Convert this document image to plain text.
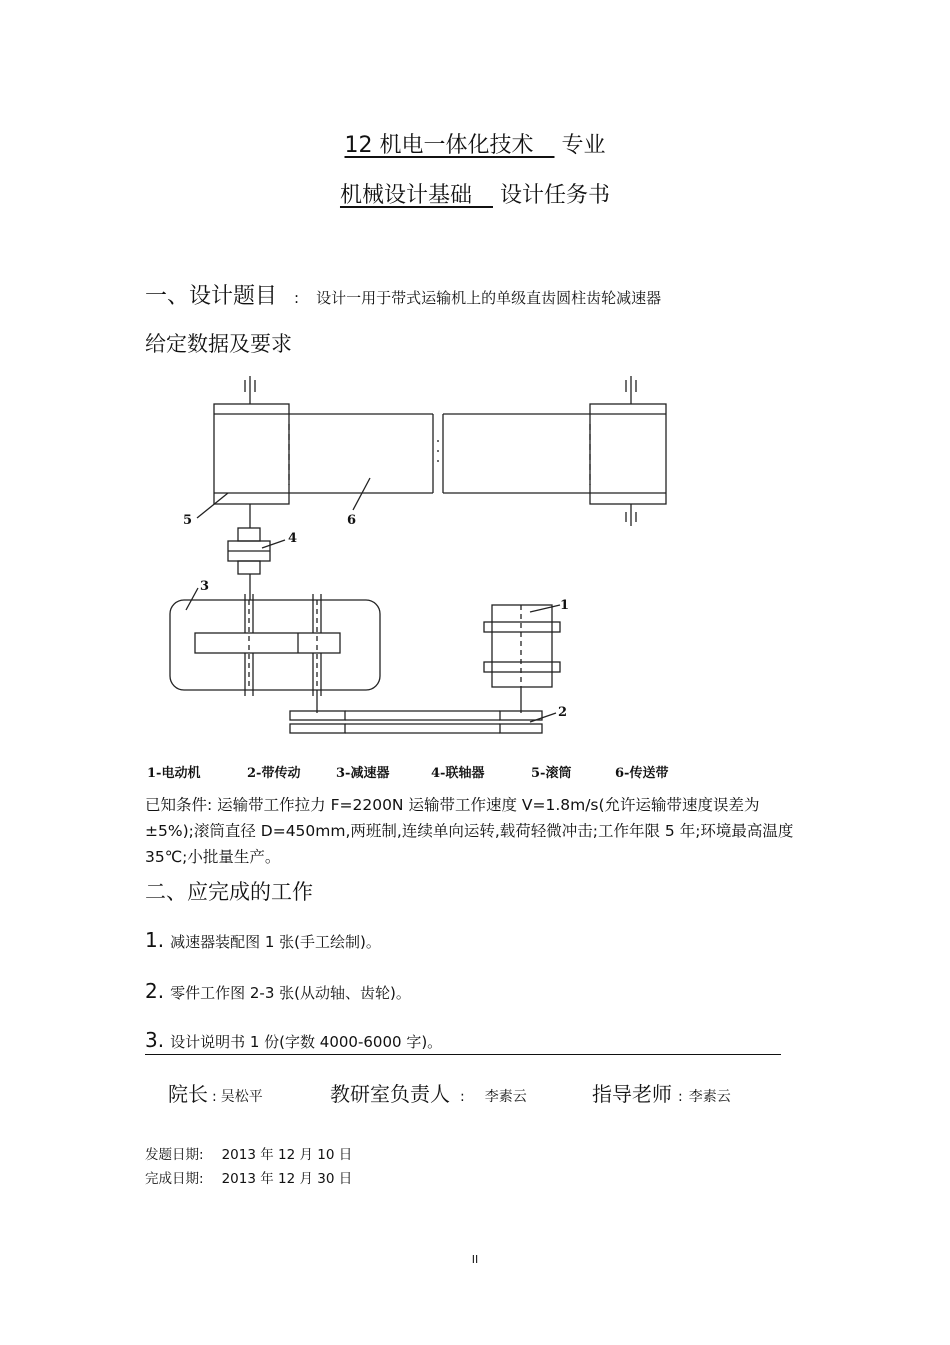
12 机电一体化技术 专业
机械设计基础 设计任务书
一、设计题目 : 设计一用于带式运输机上的单级直齿圆柱齿轮减速器
给定数据及要求
1
2
3
4
5	6
1-电动机	2-带传动	3-减速器	4-联轴器	5-滚筒	6-传送带
已知条件: 运输带工作拉力 F=2200N 运输带工作速度 V=1.8m/s(允许运输带速度误差为 ±5%);滚筒直径 D=450mm,两班制,连续单向运转,载荷轻微冲击;工作年限 5 年;环境最高温度 35℃;小批量生产。
二、应完成的工作
1. 减速器装配图 1 张(手工绘制)。
2. 零件工作图 2-3 张(从动轴、齿轮)。
3. 设计说明书 1 份(字数 4000-6000 字)。
院长 : 吴松平	教研室负责人 : 李素云	指导老师 : 李素云
发题日期: 2013 年 12 月 10 日
完成日期: 2013 年 12 月 30 日
II
